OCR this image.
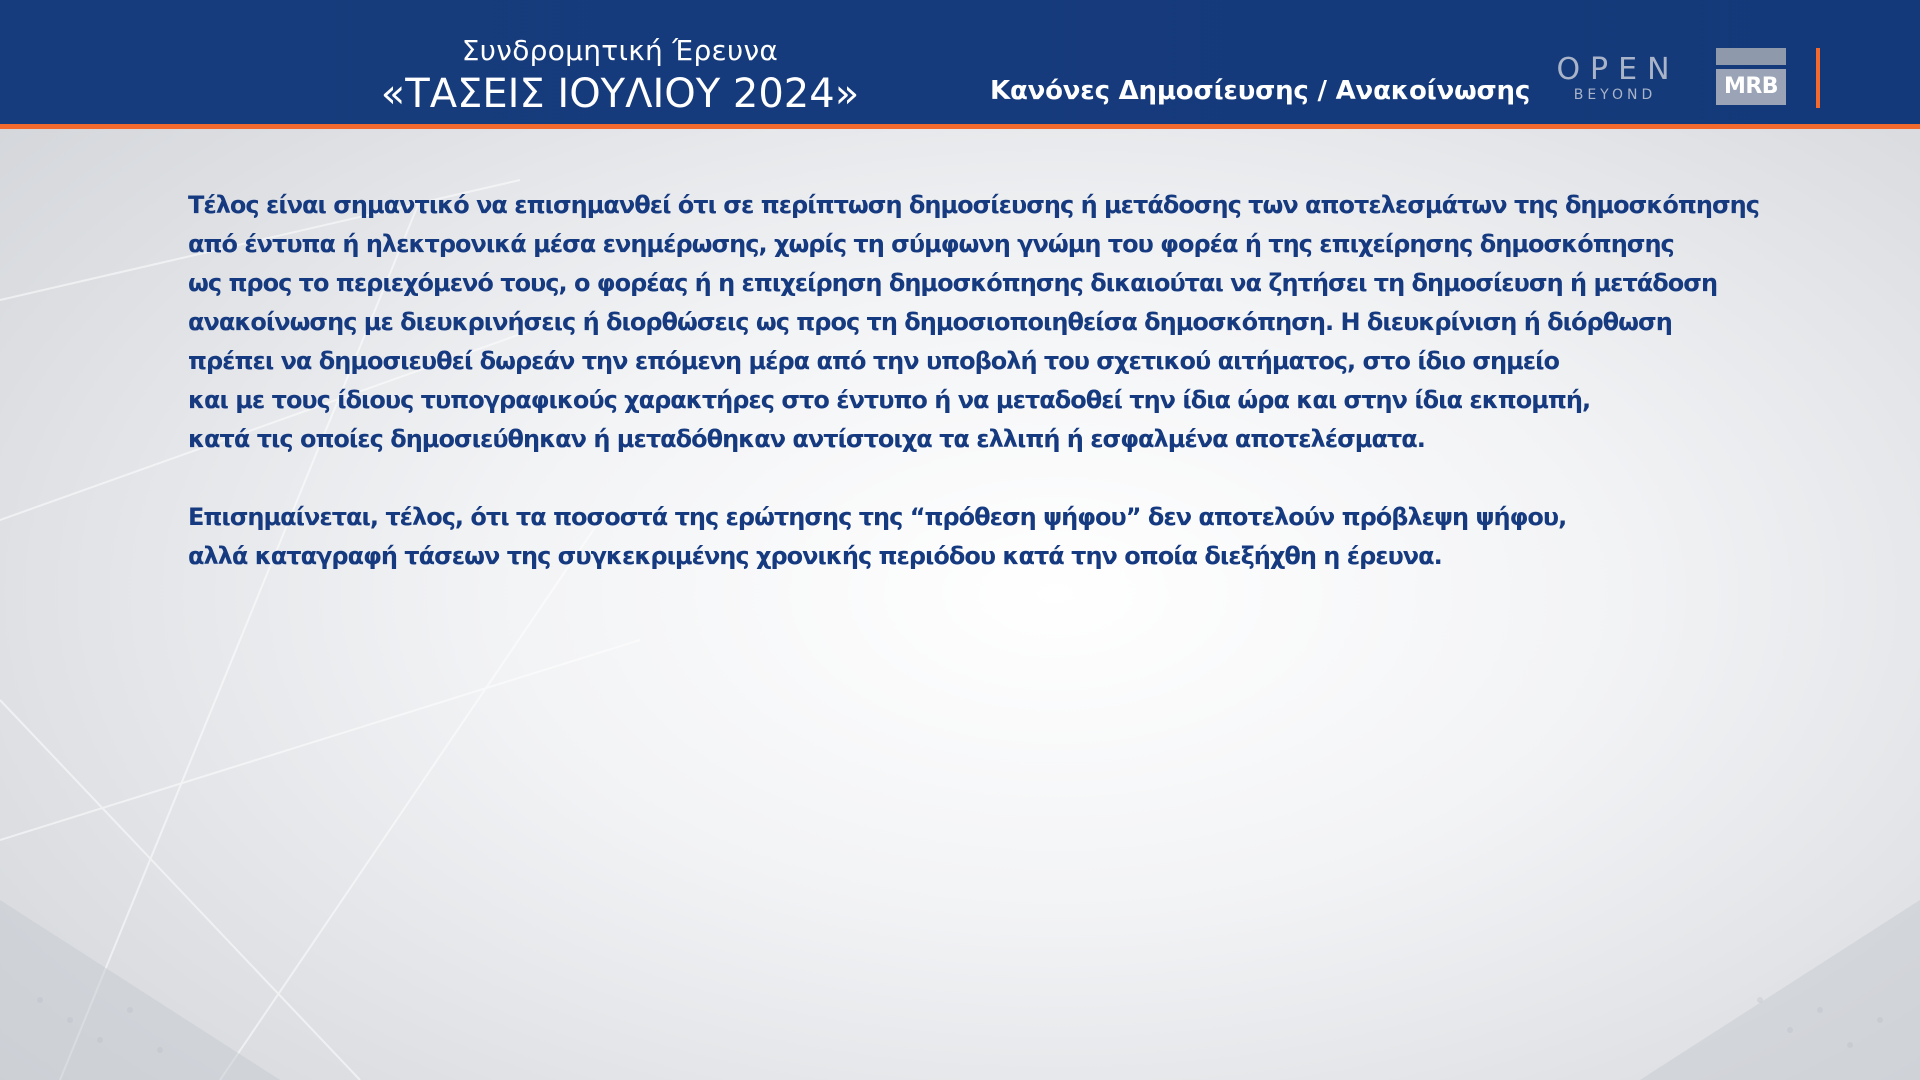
Συνδρομητική Έρευνα
«ΤΑΣΕΙΣ ΙΟΥΛΙΟΥ 2024»	Κανόνες Δημοσίευσης / Ανακοίνωσης
OPEN
BEYOND	MRB
Τέλος είναι σημαντικό να επισημανθεί ότι σε περίπτωση δημοσίευσης ή μετάδοσης των αποτελεσμάτων της δημοσκόπησης
από έντυπα ή ηλεκτρονικά μέσα ενημέρωσης, χωρίς τη σύμφωνη γνώμη του φορέα ή της επιχείρησης δημοσκόπησης
ως προς το περιεχόμενό τους, ο φορέας ή η επιχείρηση δημοσκόπησης δικαιούται να ζητήσει τη δημοσίευση ή μετάδοση
ανακοίνωσης με διευκρινήσεις ή διορθώσεις ως προς τη δημοσιοποιηθείσα δημοσκόπηση. Η διευκρίνιση ή διόρθωση
πρέπει να δημοσιευθεί δωρεάν την επόμενη μέρα από την υποβολή του σχετικού αιτήματος, στο ίδιο σημείο
και με τους ίδιους τυπογραφικούς χαρακτήρες στο έντυπο ή να μεταδοθεί την ίδια ώρα και στην ίδια εκπομπή,
κατά τις οποίες δημοσιεύθηκαν ή μεταδόθηκαν αντίστοιχα τα ελλιπή ή εσφαλμένα αποτελέσματα.
Επισημαίνεται, τέλος, ότι τα ποσοστά της ερώτησης της “πρόθεση ψήφου” δεν αποτελούν πρόβλεψη ψήφου,
αλλά καταγραφή τάσεων της συγκεκριμένης χρονικής περιόδου κατά την οποία διεξήχθη η έρευνα.
